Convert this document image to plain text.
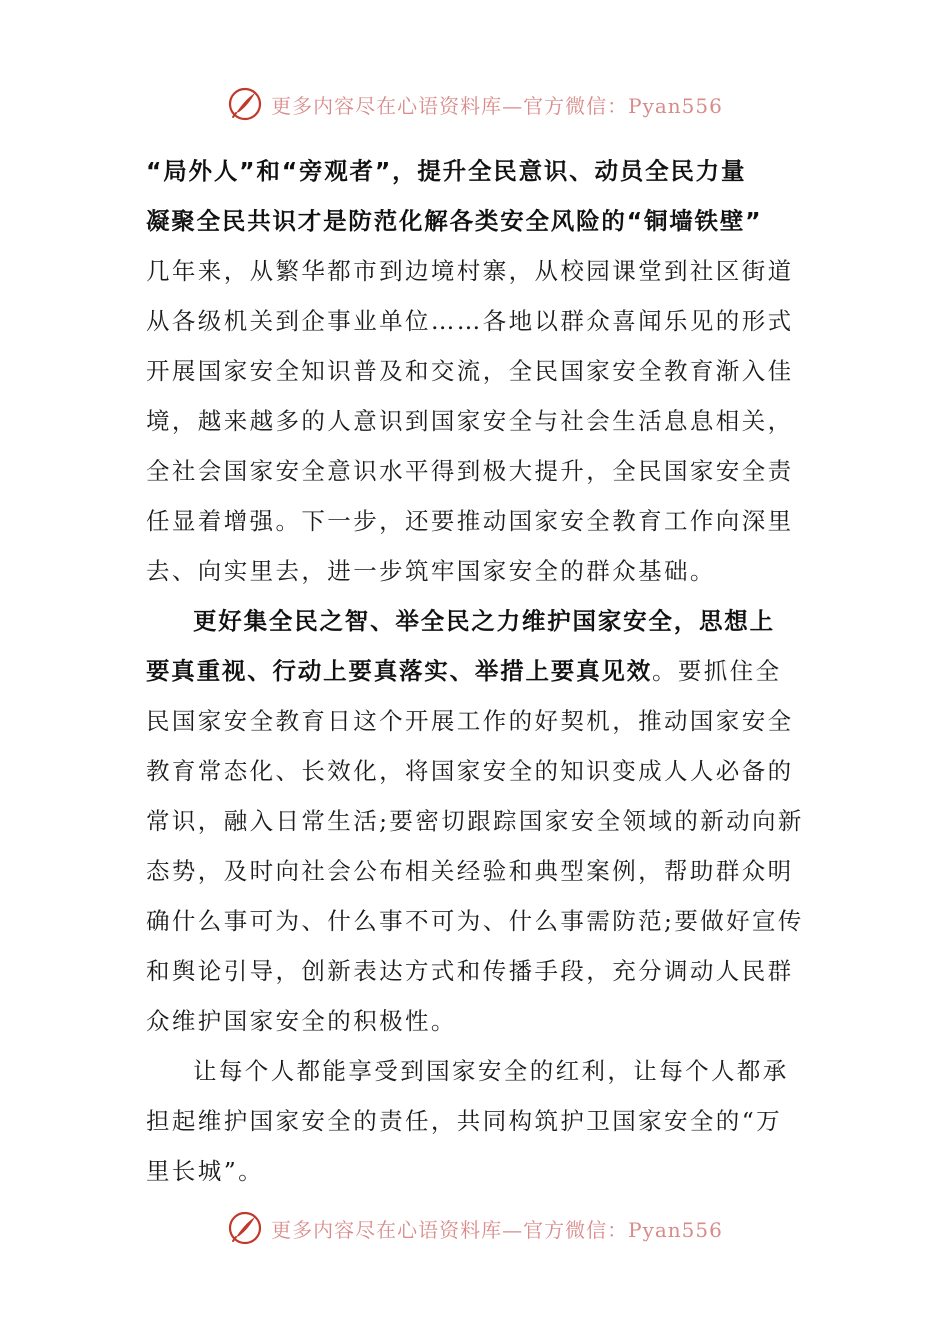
更多内容尽在心语资料库—官方微信：Pyan556
“局外人”和“旁观者”，提升全民意识、动员全民力量
凝聚全民共识才是防范化解各类安全风险的“铜墙铁壁”
几年来，从繁华都市到边境村寨，从校园课堂到社区街道
从各级机关到企事业单位……各地以群众喜闻乐见的形式
开展国家安全知识普及和交流，全民国家安全教育渐入佳
境，越来越多的人意识到国家安全与社会生活息息相关，
全社会国家安全意识水平得到极大提升，全民国家安全责
任显着增强。下一步，还要推动国家安全教育工作向深里
去、向实里去，进一步筑牢国家安全的群众基础。
更好集全民之智、举全民之力维护国家安全，思想上
要真重视、行动上要真落实、举措上要真见效。要抓住全
民国家安全教育日这个开展工作的好契机，推动国家安全
教育常态化、长效化，将国家安全的知识变成人人必备的
常识，融入日常生活;要密切跟踪国家安全领域的新动向新
态势，及时向社会公布相关经验和典型案例，帮助群众明
确什么事可为、什么事不可为、什么事需防范;要做好宣传
和舆论引导，创新表达方式和传播手段，充分调动人民群
众维护国家安全的积极性。
让每个人都能享受到国家安全的红利，让每个人都承
担起维护国家安全的责任，共同构筑护卫国家安全的“万
里长城”。
更多内容尽在心语资料库—官方微信：Pyan556
